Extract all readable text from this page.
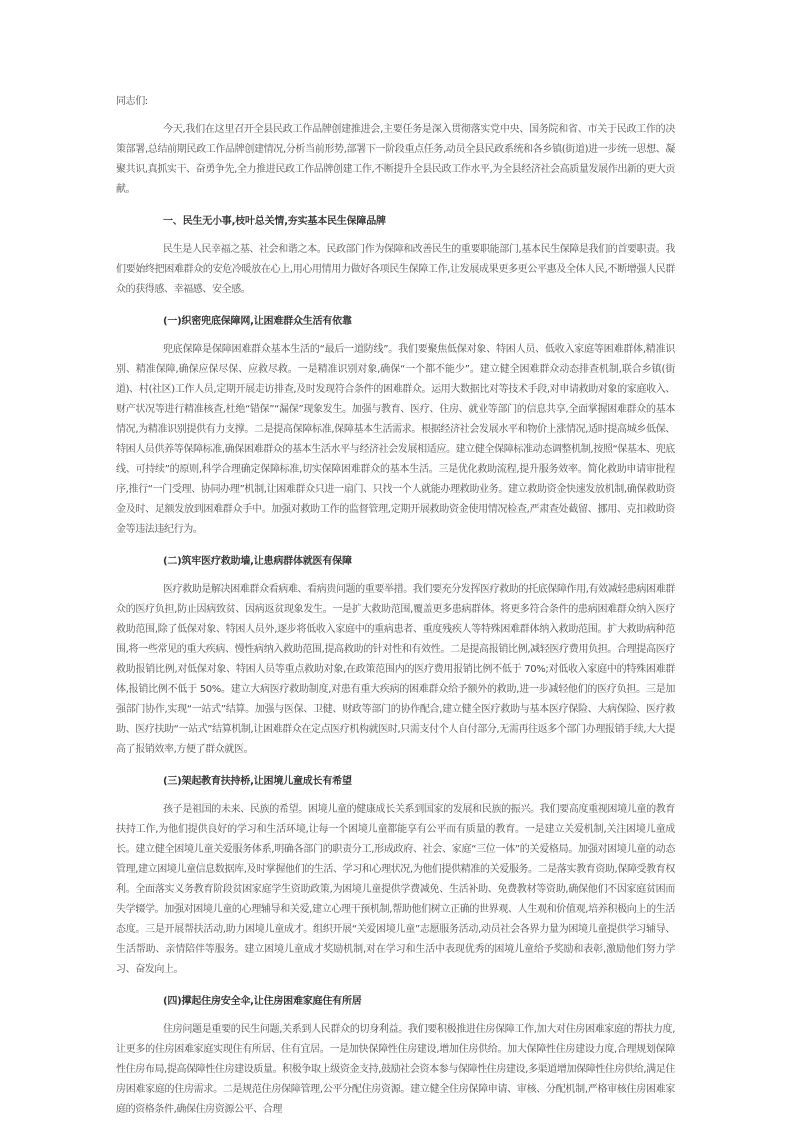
同志们:

今天,我们在这里召开全县民政工作品牌创建推进会,主要任务是深入贯彻落实党中央、国务院和省、市关于民政工作的决策部署,总结前期民政工作品牌创建情况,分析当前形势,部署下一阶段重点任务,动员全县民政系统和各乡镇(街道)进一步统一思想、凝聚共识,真抓实干、奋勇争先,全力推进民政工作品牌创建工作,不断提升全县民政工作水平,为全县经济社会高质量发展作出新的更大贡献。

一、民生无小事,枝叶总关情,夯实基本民生保障品牌

民生是人民幸福之基、社会和谐之本。民政部门作为保障和改善民生的重要职能部门,基本民生保障是我们的首要职责。我们要始终把困难群众的安危冷暖放在心上,用心用情用力做好各项民生保障工作,让发展成果更多更公平惠及全体人民,不断增强人民群众的获得感、幸福感、安全感。

(一)织密兜底保障网,让困难群众生活有依靠

兜底保障是保障困难群众基本生活的“最后一道防线”。我们要聚焦低保对象、特困人员、低收入家庭等困难群体,精准识别、精准保障,确保应保尽保、应救尽救。一是精准识别对象,确保“一个都不能少”。建立健全困难群众动态排查机制,联合乡镇(街道)、村(社区)工作人员,定期开展走访排查,及时发现符合条件的困难群众。运用大数据比对等技术手段,对申请救助对象的家庭收入、财产状况等进行精准核查,杜绝“错保”“漏保”现象发生。加强与教育、医疗、住房、就业等部门的信息共享,全面掌握困难群众的基本情况,为精准识别提供有力支撑。二是提高保障标准,保障基本生活需求。根据经济社会发展水平和物价上涨情况,适时提高城乡低保、特困人员供养等保障标准,确保困难群众的基本生活水平与经济社会发展相适应。建立健全保障标准动态调整机制,按照“保基本、兜底线、可持续”的原则,科学合理确定保障标准,切实保障困难群众的基本生活。三是优化救助流程,提升服务效率。简化救助申请审批程序,推行“一门受理、协同办理”机制,让困难群众只进一扇门、只找一个人就能办理救助业务。建立救助资金快速发放机制,确保救助资金及时、足额发放到困难群众手中。加强对救助工作的监督管理,定期开展救助资金使用情况检查,严肃查处截留、挪用、克扣救助资金等违法违纪行为。

(二)筑牢医疗救助墙,让患病群体就医有保障

医疗救助是解决困难群众看病难、看病贵问题的重要举措。我们要充分发挥医疗救助的托底保障作用,有效减轻患病困难群众的医疗负担,防止因病致贫、因病返贫现象发生。一是扩大救助范围,覆盖更多患病群体。将更多符合条件的患病困难群众纳入医疗救助范围,除了低保对象、特困人员外,逐步将低收入家庭中的重病患者、重度残疾人等特殊困难群体纳入救助范围。扩大救助病种范围,将一些常见的重大疾病、慢性病纳入救助范围,提高救助的针对性和有效性。二是提高报销比例,减轻医疗费用负担。合理提高医疗救助报销比例,对低保对象、特困人员等重点救助对象,在政策范围内的医疗费用报销比例不低于 70%;对低收入家庭中的特殊困难群体,报销比例不低于 50%。建立大病医疗救助制度,对患有重大疾病的困难群众给予额外的救助,进一步减轻他们的医疗负担。三是加强部门协作,实现“一站式”结算。加强与医保、卫健、财政等部门的协作配合,建立健全医疗救助与基本医疗保险、大病保险、医疗救助、医疗扶助“一站式”结算机制,让困难群众在定点医疗机构就医时,只需支付个人自付部分,无需再往返多个部门办理报销手续,大大提高了报销效率,方便了群众就医。

(三)架起教育扶持桥,让困境儿童成长有希望

孩子是祖国的未来、民族的希望。困境儿童的健康成长关系到国家的发展和民族的振兴。我们要高度重视困境儿童的教育扶持工作,为他们提供良好的学习和生活环境,让每一个困境儿童都能享有公平而有质量的教育。一是建立关爱机制,关注困境儿童成长。建立健全困境儿童关爱服务体系,明确各部门的职责分工,形成政府、社会、家庭“三位一体”的关爱格局。加强对困境儿童的动态管理,建立困境儿童信息数据库,及时掌握他们的生活、学习和心理状况,为他们提供精准的关爱服务。二是落实教育资助,保障受教育权利。全面落实义务教育阶段贫困家庭学生资助政策,为困境儿童提供学费减免、生活补助、免费教材等资助,确保他们不因家庭贫困而失学辍学。加强对困境儿童的心理辅导和关爱,建立心理干预机制,帮助他们树立正确的世界观、人生观和价值观,培养积极向上的生活态度。三是开展帮扶活动,助力困境儿童成才。组织开展“关爱困境儿童”志愿服务活动,动员社会各界力量为困境儿童提供学习辅导、生活帮助、亲情陪伴等服务。建立困境儿童成才奖励机制,对在学习和生活中表现优秀的困境儿童给予奖励和表彰,激励他们努力学习、奋发向上。

(四)撑起住房安全伞,让住房困难家庭住有所居

住房问题是重要的民生问题,关系到人民群众的切身利益。我们要积极推进住房保障工作,加大对住房困难家庭的帮扶力度,让更多的住房困难家庭实现住有所居、住有宜居。一是加快保障性住房建设,增加住房供给。加大保障性住房建设力度,合理规划保障性住房布局,提高保障性住房建设质量。积极争取上级资金支持,鼓励社会资本参与保障性住房建设,多渠道增加保障性住房供给,满足住房困难家庭的住房需求。二是规范住房保障管理,公平分配住房资源。建立健全住房保障申请、审核、分配机制,严格审核住房困难家庭的资格条件,确保住房资源公平、合理
